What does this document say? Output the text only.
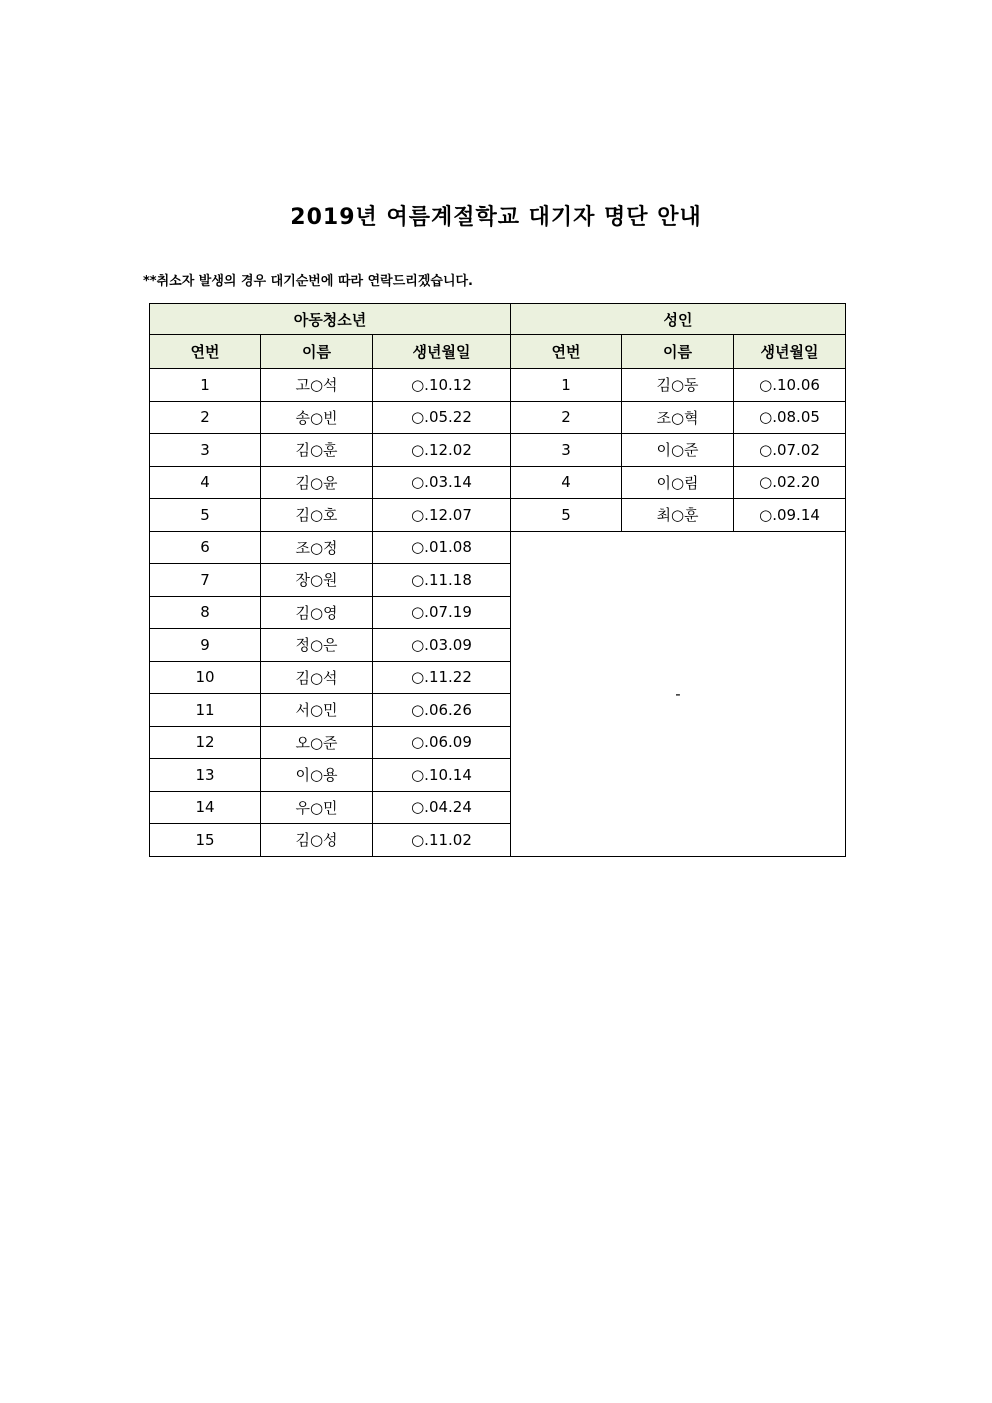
2019년 여름계절학교 대기자 명단 안내
**취소자 발생의 경우 대기순번에 따라 연락드리겠습니다.
아동청소년			성인		
연번	이름	생년월일	연번	이름	생년월일
1	고○석	○.10.12	1	김○동	○.10.06
2	송○빈	○.05.22	2	조○혁	○.08.05
3	김○훈	○.12.02	3	이○준	○.07.02
4	김○윤	○.03.14	4	이○림	○.02.20
5	김○호	○.12.07	5	최○훈	○.09.14
6	조○정	○.01.08	-		
7	장○원	○.11.18			
8	김○영	○.07.19			
9	정○은	○.03.09			
10	김○석	○.11.22			
11	서○민	○.06.26			
12	오○준	○.06.09			
13	이○용	○.10.14			
14	우○민	○.04.24			
15	김○성	○.11.02			
